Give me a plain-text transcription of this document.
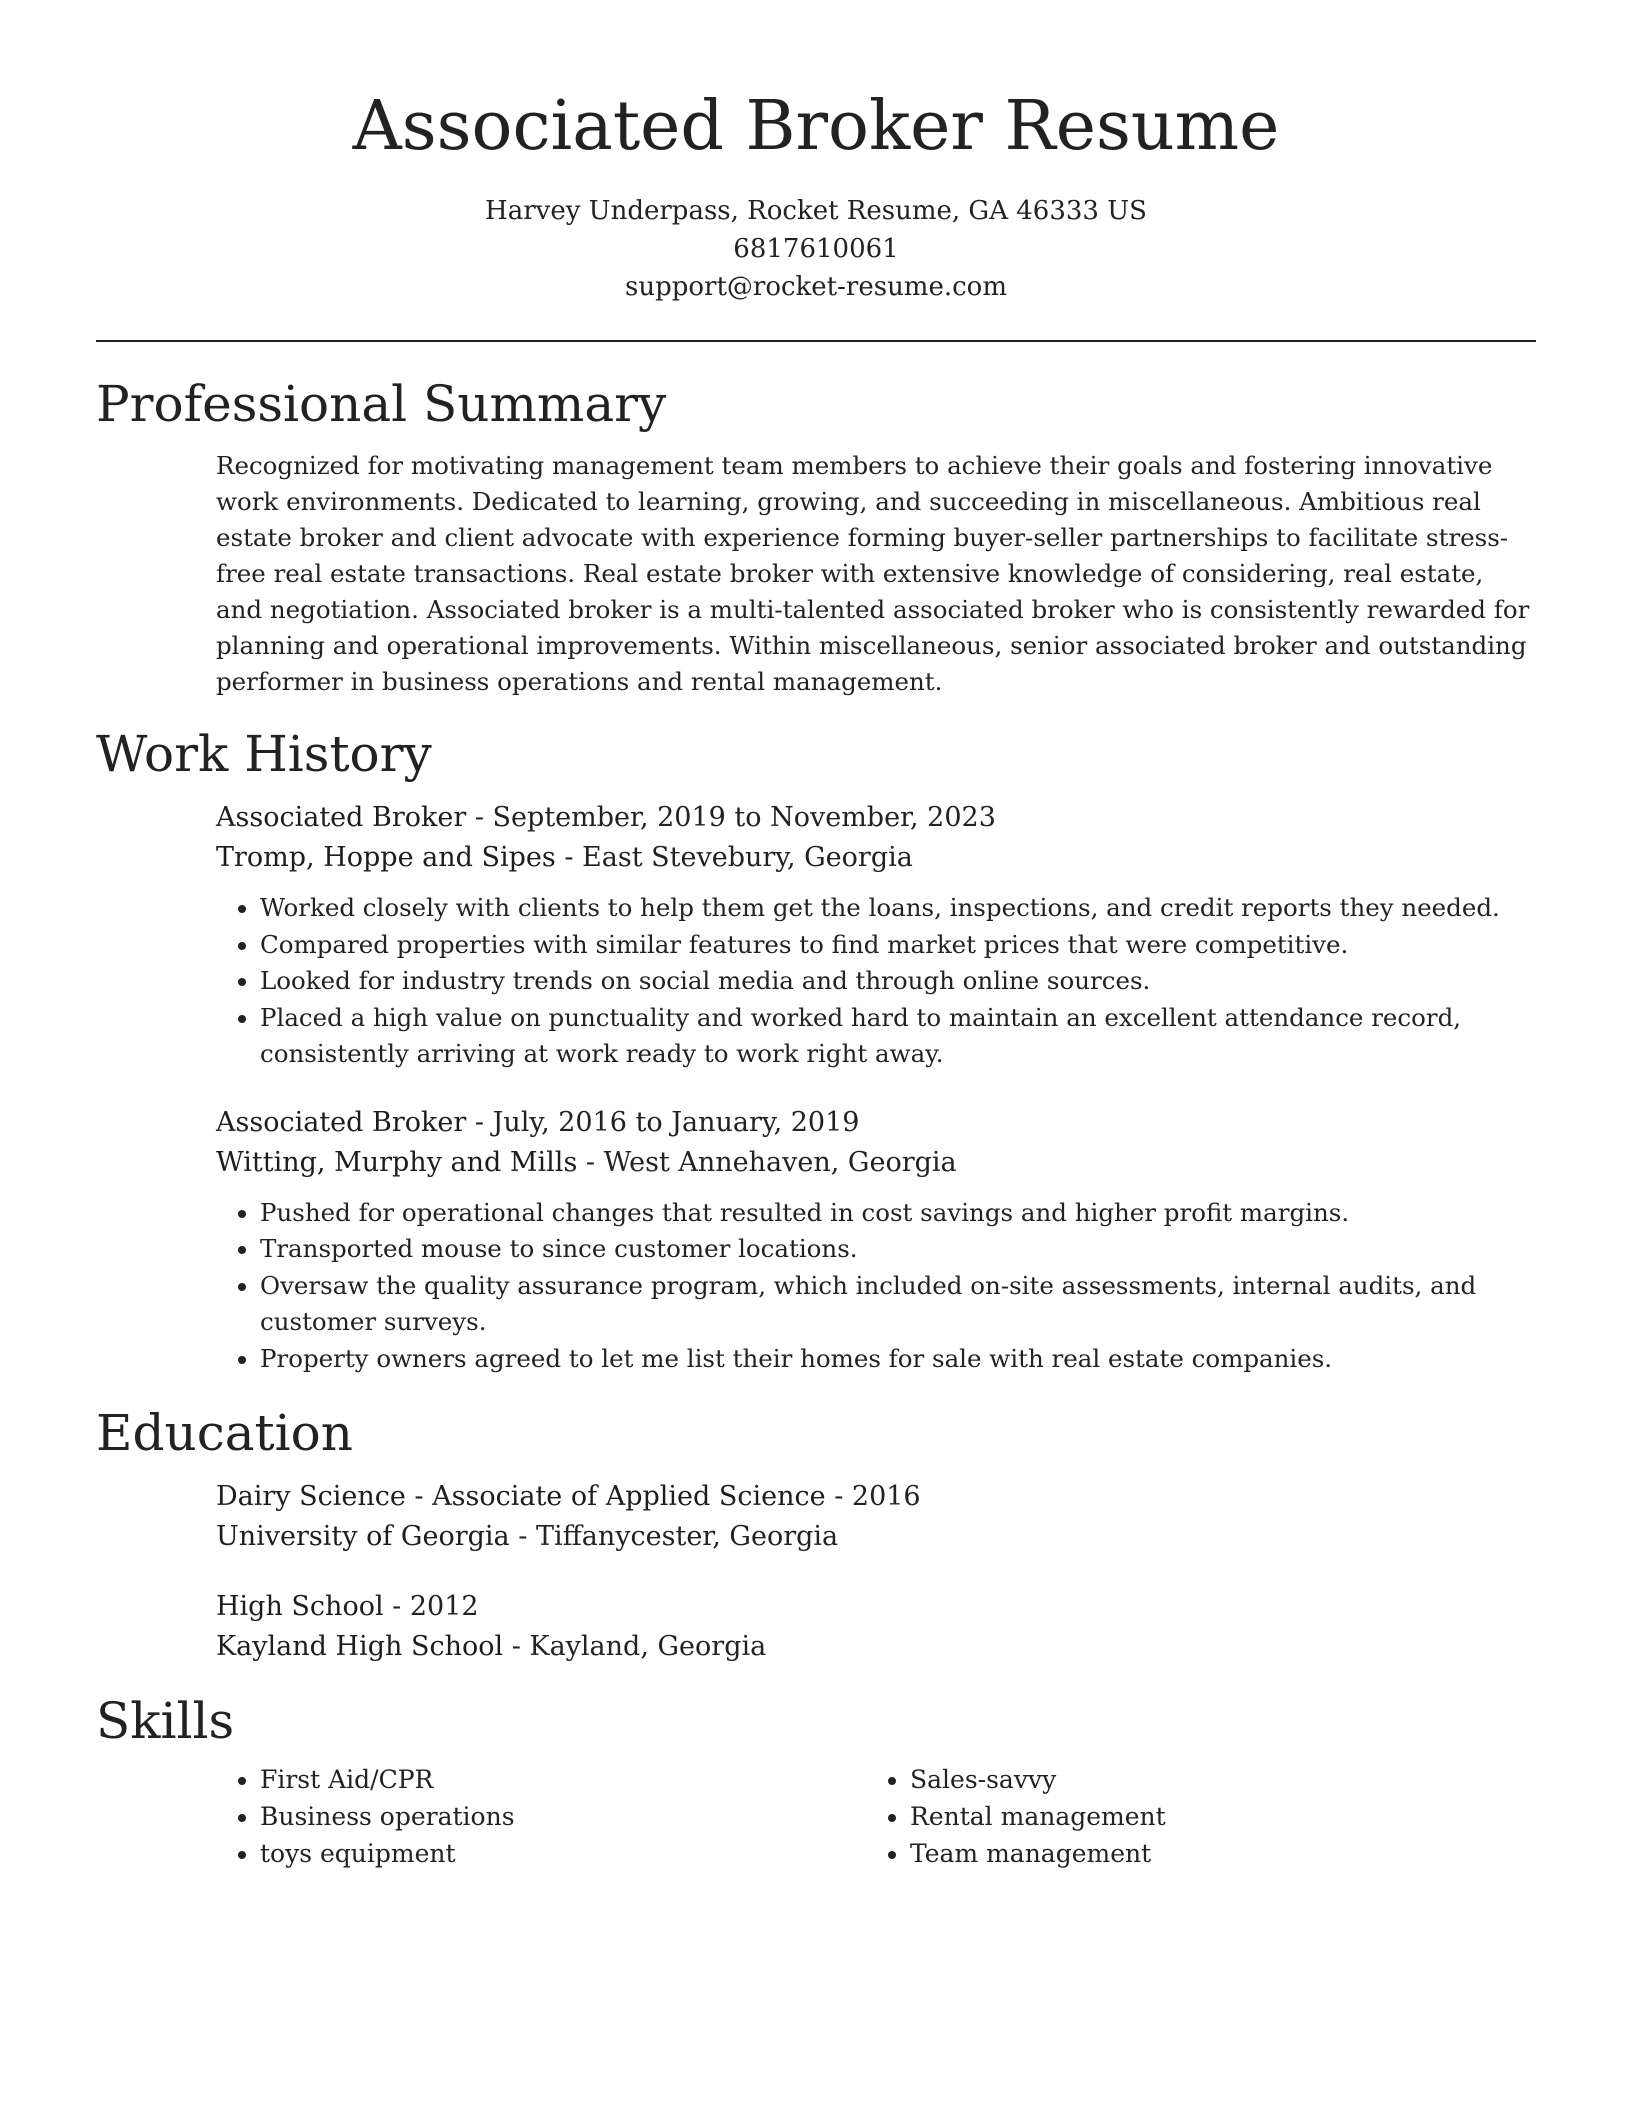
Associated Broker Resume
Harvey Underpass, Rocket Resume, GA 46333 US
6817610061
support@rocket-resume.com
Professional Summary

Recognized for motivating management team members to achieve their goals and fostering innovative work environments. Dedicated to learning, growing, and succeeding in miscellaneous. Ambitious real estate broker and client advocate with experience forming buyer-seller partnerships to facilitate stress-free real estate transactions. Real estate broker with extensive knowledge of considering, real estate, and negotiation. Associated broker is a multi-talented associated broker who is consistently rewarded for planning and operational improvements. Within miscellaneous, senior associated broker and outstanding performer in business operations and rental management.

Work History
Associated Broker - September, 2019 to November, 2023
Tromp, Hoppe and Sipes - East Stevebury, Georgia
• Worked closely with clients to help them get the loans, inspections, and credit reports they needed.
• Compared properties with similar features to find market prices that were competitive.
• Looked for industry trends on social media and through online sources.
• Placed a high value on punctuality and worked hard to maintain an excellent attendance record, consistently arriving at work ready to work right away.
Associated Broker - July, 2016 to January, 2019
Witting, Murphy and Mills - West Annehaven, Georgia
• Pushed for operational changes that resulted in cost savings and higher profit margins.
• Transported mouse to since customer locations.
• Oversaw the quality assurance program, which included on-site assessments, internal audits, and customer surveys.
• Property owners agreed to let me list their homes for sale with real estate companies.
Education
Dairy Science - Associate of Applied Science - 2016
University of Georgia - Tiffanycester, Georgia
High School - 2012
Kayland High School - Kayland, Georgia
Skills
• First Aid/CPR
• Business operations
• toys equipment
• Sales-savvy
• Rental management
• Team management
